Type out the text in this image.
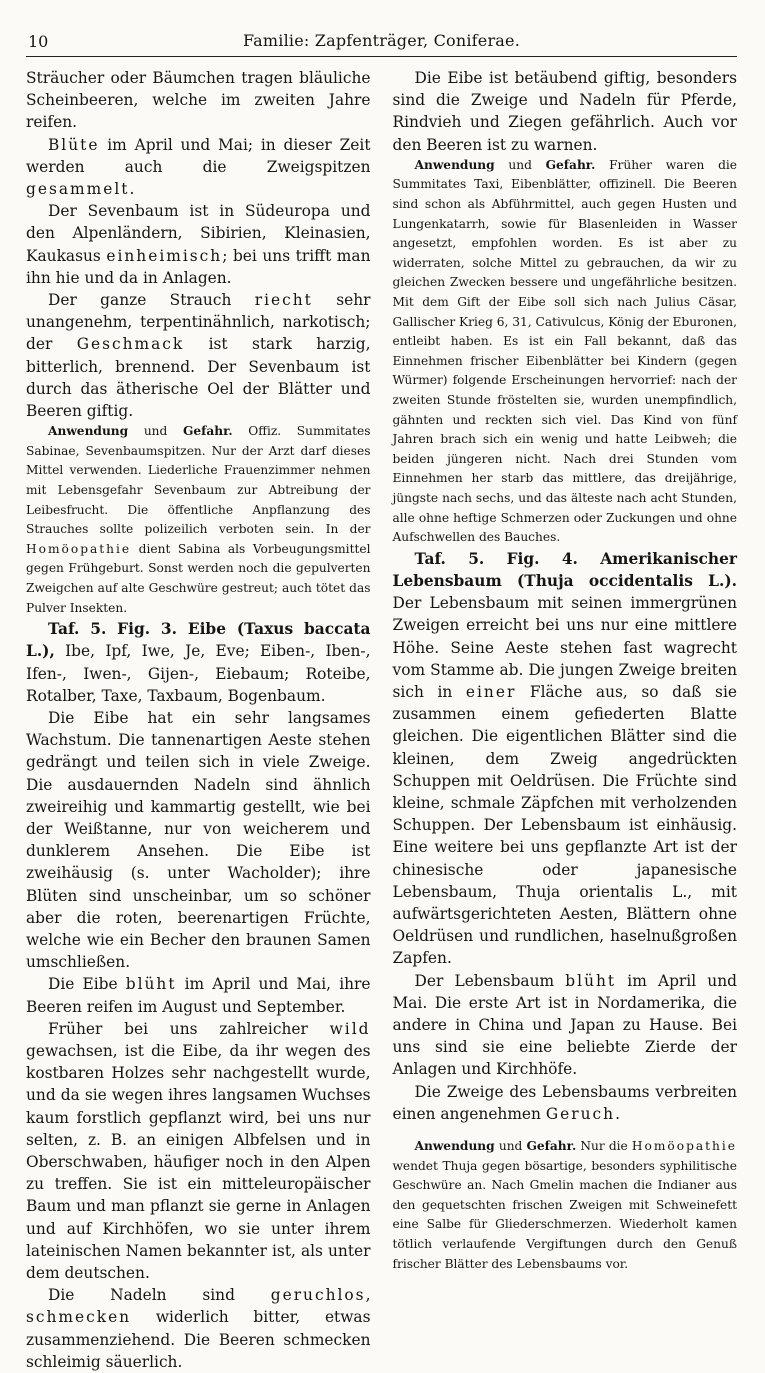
10	Familie: Zapfenträger, Coniferae.

Sträucher oder Bäumchen tragen bläuliche Scheinbeeren, welche im zweiten Jahre reifen.

Blüte im April und Mai; in dieser Zeit werden auch die Zweigspitzen gesammelt.

Der Sevenbaum ist in Südeuropa und den Alpenländern, Sibirien, Kleinasien, Kaukasus einheimisch; bei uns trifft man ihn hie und da in Anlagen.

Der ganze Strauch riecht sehr unangenehm, terpentinähnlich, narkotisch; der Geschmack ist stark harzig, bitterlich, brennend. Der Sevenbaum ist durch das ätherische Oel der Blätter und Beeren giftig.

Anwendung und Gefahr. Offiz. Summitates Sabinae, Sevenbaumspitzen. Nur der Arzt darf dieses Mittel verwenden. Liederliche Frauenzimmer nehmen mit Lebensgefahr Sevenbaum zur Abtreibung der Leibesfrucht. Die öffentliche Anpflanzung des Strauches sollte polizeilich verboten sein. In der Homöopathie dient Sabina als Vorbeugungsmittel gegen Frühgeburt. Sonst werden noch die gepulverten Zweigchen auf alte Geschwüre gestreut; auch tötet das Pulver Insekten.

Taf. 5. Fig. 3. Eibe (Taxus baccata L.), Ibe, Ipf, Iwe, Je, Eve; Eiben-, Iben-, Ifen-, Iwen-, Gijen-, Eiebaum; Roteibe, Rotalber, Taxe, Taxbaum, Bogenbaum.

Die Eibe hat ein sehr langsames Wachstum. Die tannenartigen Aeste stehen gedrängt und teilen sich in viele Zweige. Die ausdauernden Nadeln sind ähnlich zweireihig und kammartig gestellt, wie bei der Weißtanne, nur von weicherem und dunklerem Ansehen. Die Eibe ist zweihäusig (s. unter Wacholder); ihre Blüten sind unscheinbar, um so schöner aber die roten, beerenartigen Früchte, welche wie ein Becher den braunen Samen umschließen.

Die Eibe blüht im April und Mai, ihre Beeren reifen im August und September.

Früher bei uns zahlreicher wild gewachsen, ist die Eibe, da ihr wegen des kostbaren Holzes sehr nachgestellt wurde, und da sie wegen ihres langsamen Wuchses kaum forstlich gepflanzt wird, bei uns nur selten, z. B. an einigen Albfelsen und in Oberschwaben, häufiger noch in den Alpen zu treffen. Sie ist ein mitteleuropäischer Baum und man pflanzt sie gerne in Anlagen und auf Kirchhöfen, wo sie unter ihrem lateinischen Namen bekannter ist, als unter dem deutschen.

Die Nadeln sind geruchlos, schmecken widerlich bitter, etwas zusammenziehend. Die Beeren schmecken schleimig säuerlich.

Die Eibe ist betäubend giftig, besonders sind die Zweige und Nadeln für Pferde, Rindvieh und Ziegen gefährlich. Auch vor den Beeren ist zu warnen.

Anwendung und Gefahr. Früher waren die Summitates Taxi, Eibenblätter, offizinell. Die Beeren sind schon als Abführmittel, auch gegen Husten und Lungenkatarrh, sowie für Blasenleiden in Wasser angesetzt, empfohlen worden. Es ist aber zu widerraten, solche Mittel zu gebrauchen, da wir zu gleichen Zwecken bessere und ungefährliche besitzen. Mit dem Gift der Eibe soll sich nach Julius Cäsar, Gallischer Krieg 6, 31, Cativulcus, König der Eburonen, entleibt haben. Es ist ein Fall bekannt, daß das Einnehmen frischer Eibenblätter bei Kindern (gegen Würmer) folgende Erscheinungen hervorrief: nach der zweiten Stunde fröstelten sie, wurden unempfindlich, gähnten und reckten sich viel. Das Kind von fünf Jahren brach sich ein wenig und hatte Leibweh; die beiden jüngeren nicht. Nach drei Stunden vom Einnehmen her starb das mittlere, das dreijährige, jüngste nach sechs, und das älteste nach acht Stunden, alle ohne heftige Schmerzen oder Zuckungen und ohne Aufschwellen des Bauches.

Taf. 5. Fig. 4. Amerikanischer Lebensbaum (Thuja occidentalis L.). Der Lebensbaum mit seinen immergrünen Zweigen erreicht bei uns nur eine mittlere Höhe. Seine Aeste stehen fast wagrecht vom Stamme ab. Die jungen Zweige breiten sich in einer Fläche aus, so daß sie zusammen einem gefiederten Blatte gleichen. Die eigentlichen Blätter sind die kleinen, dem Zweig angedrückten Schuppen mit Oeldrüsen. Die Früchte sind kleine, schmale Zäpfchen mit verholzenden Schuppen. Der Lebensbaum ist einhäusig. Eine weitere bei uns gepflanzte Art ist der chinesische oder japanesische Lebensbaum, Thuja orientalis L., mit aufwärtsgerichteten Aesten, Blättern ohne Oeldrüsen und rundlichen, haselnußgroßen Zapfen.

Der Lebensbaum blüht im April und Mai. Die erste Art ist in Nordamerika, die andere in China und Japan zu Hause. Bei uns sind sie eine beliebte Zierde der Anlagen und Kirchhöfe.

Die Zweige des Lebensbaums verbreiten einen angenehmen Geruch.

Anwendung und Gefahr. Nur die Homöopathie wendet Thuja gegen bösartige, besonders syphilitische Geschwüre an. Nach Gmelin machen die Indianer aus den gequetschten frischen Zweigen mit Schweinefett eine Salbe für Gliederschmerzen. Wiederholt kamen tötlich verlaufende Vergiftungen durch den Genuß frischer Blätter des Lebensbaums vor.
